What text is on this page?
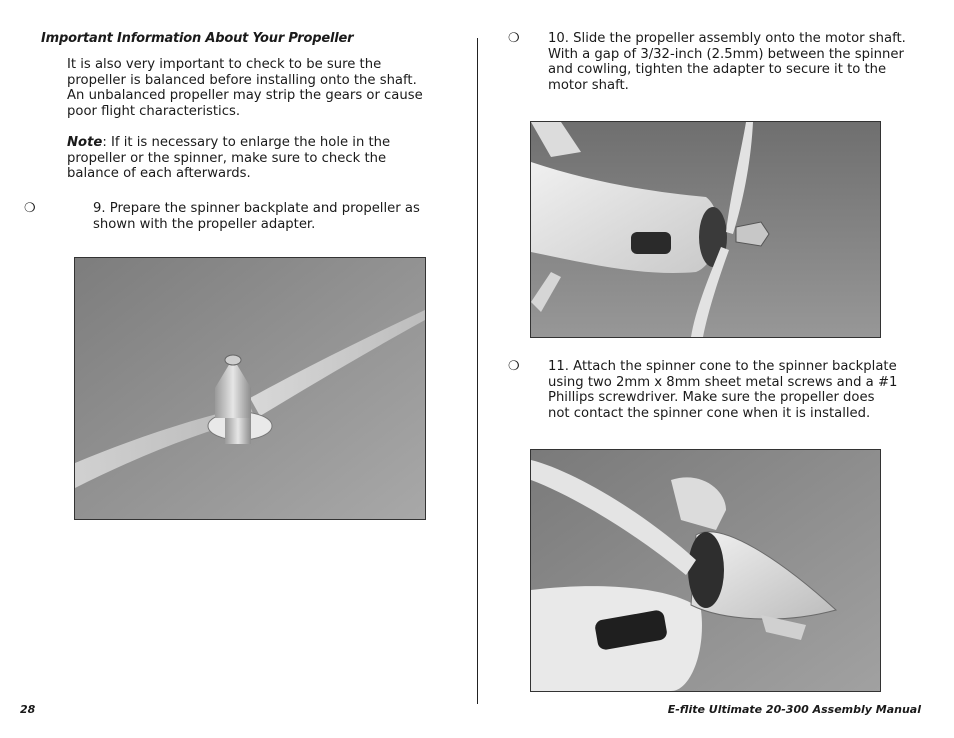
Important Information About Your Propeller
It is also very important to check to be sure the propeller is balanced before installing onto the shaft. An unbalanced propeller may strip the gears or cause poor flight characteristics.
Note: If it is necessary to enlarge the hole in the propeller or the spinner, make sure to check the balance of each afterwards.
❍	9. Prepare the spinner backplate and propeller as shown with the propeller adapter.
❍ 10. Slide the propeller assembly onto the motor shaft. With a gap of 3/32-inch (2.5mm) between the spinner and cowling, tighten the adapter to secure it to the motor shaft.
❍ 11. Attach the spinner cone to the spinner backplate using two 2mm x 8mm sheet metal screws and a #1 Phillips screwdriver. Make sure the propeller does not contact the spinner cone when it is installed.
28	E-flite Ultimate 20-300 Assembly Manual
